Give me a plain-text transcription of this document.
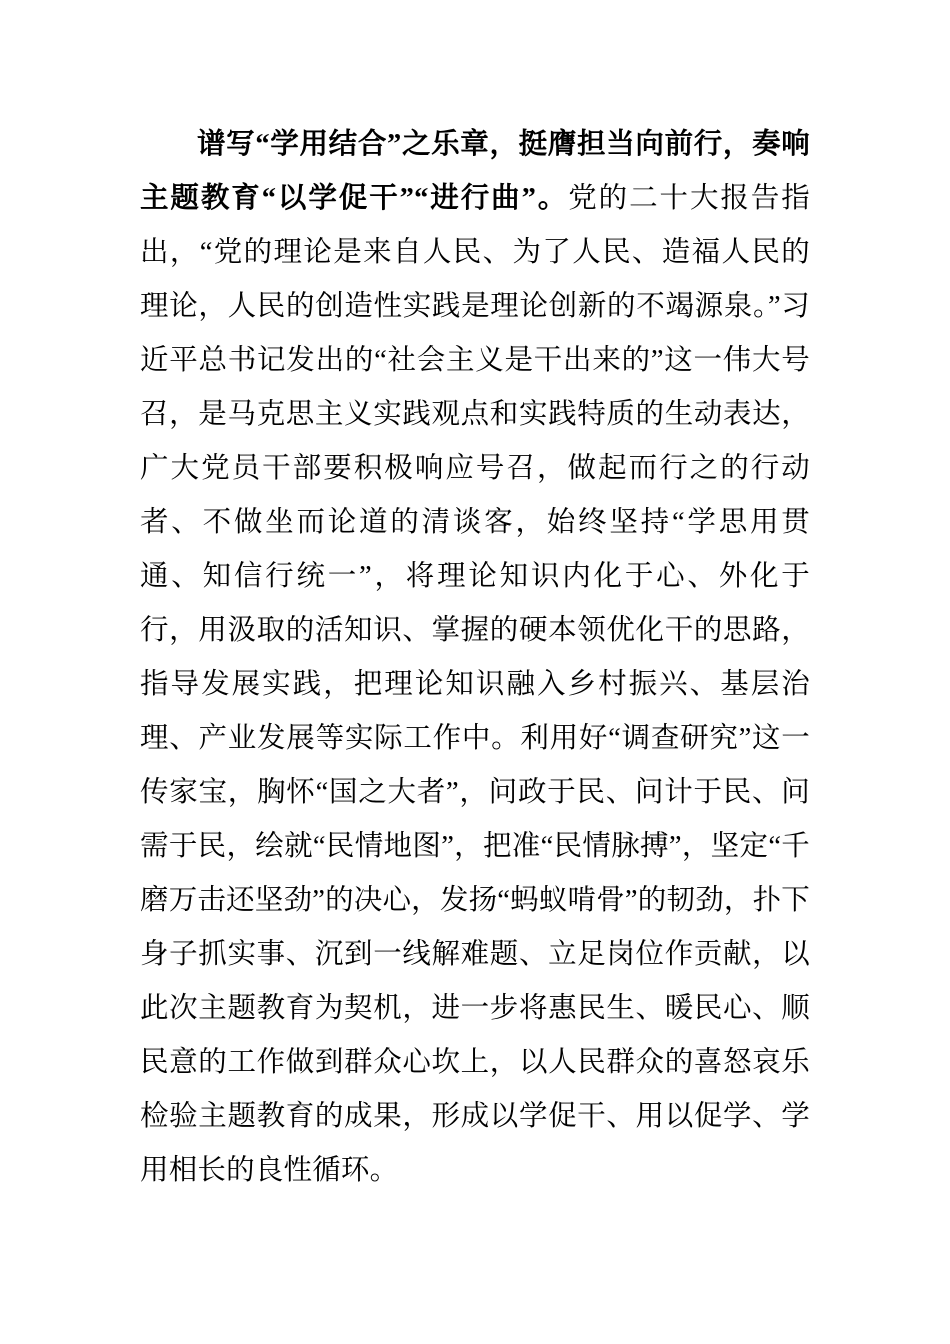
谱写“学用结合”之乐章，挺膺担当向前行，奏响主题教育“以学促干”“进行曲”。党的二十大报告指出，“党的理论是来自人民、为了人民、造福人民的理论，人民的创造性实践是理论创新的不竭源泉。”习近平总书记发出的“社会主义是干出来的”这一伟大号召，是马克思主义实践观点和实践特质的生动表达，广大党员干部要积极响应号召，做起而行之的行动者、不做坐而论道的清谈客，始终坚持“学思用贯通、知信行统一”，将理论知识内化于心、外化于行，用汲取的活知识、掌握的硬本领优化干的思路，指导发展实践，把理论知识融入乡村振兴、基层治理、产业发展等实际工作中。利用好“调查研究”这一传家宝，胸怀“国之大者”，问政于民、问计于民、问需于民，绘就“民情地图”，把准“民情脉搏”，坚定“千磨万击还坚劲”的决心，发扬“蚂蚁啃骨”的韧劲，扑下身子抓实事、沉到一线解难题、立足岗位作贡献，以此次主题教育为契机，进一步将惠民生、暖民心、顺民意的工作做到群众心坎上，以人民群众的喜怒哀乐检验主题教育的成果，形成以学促干、用以促学、学用相长的良性循环。
